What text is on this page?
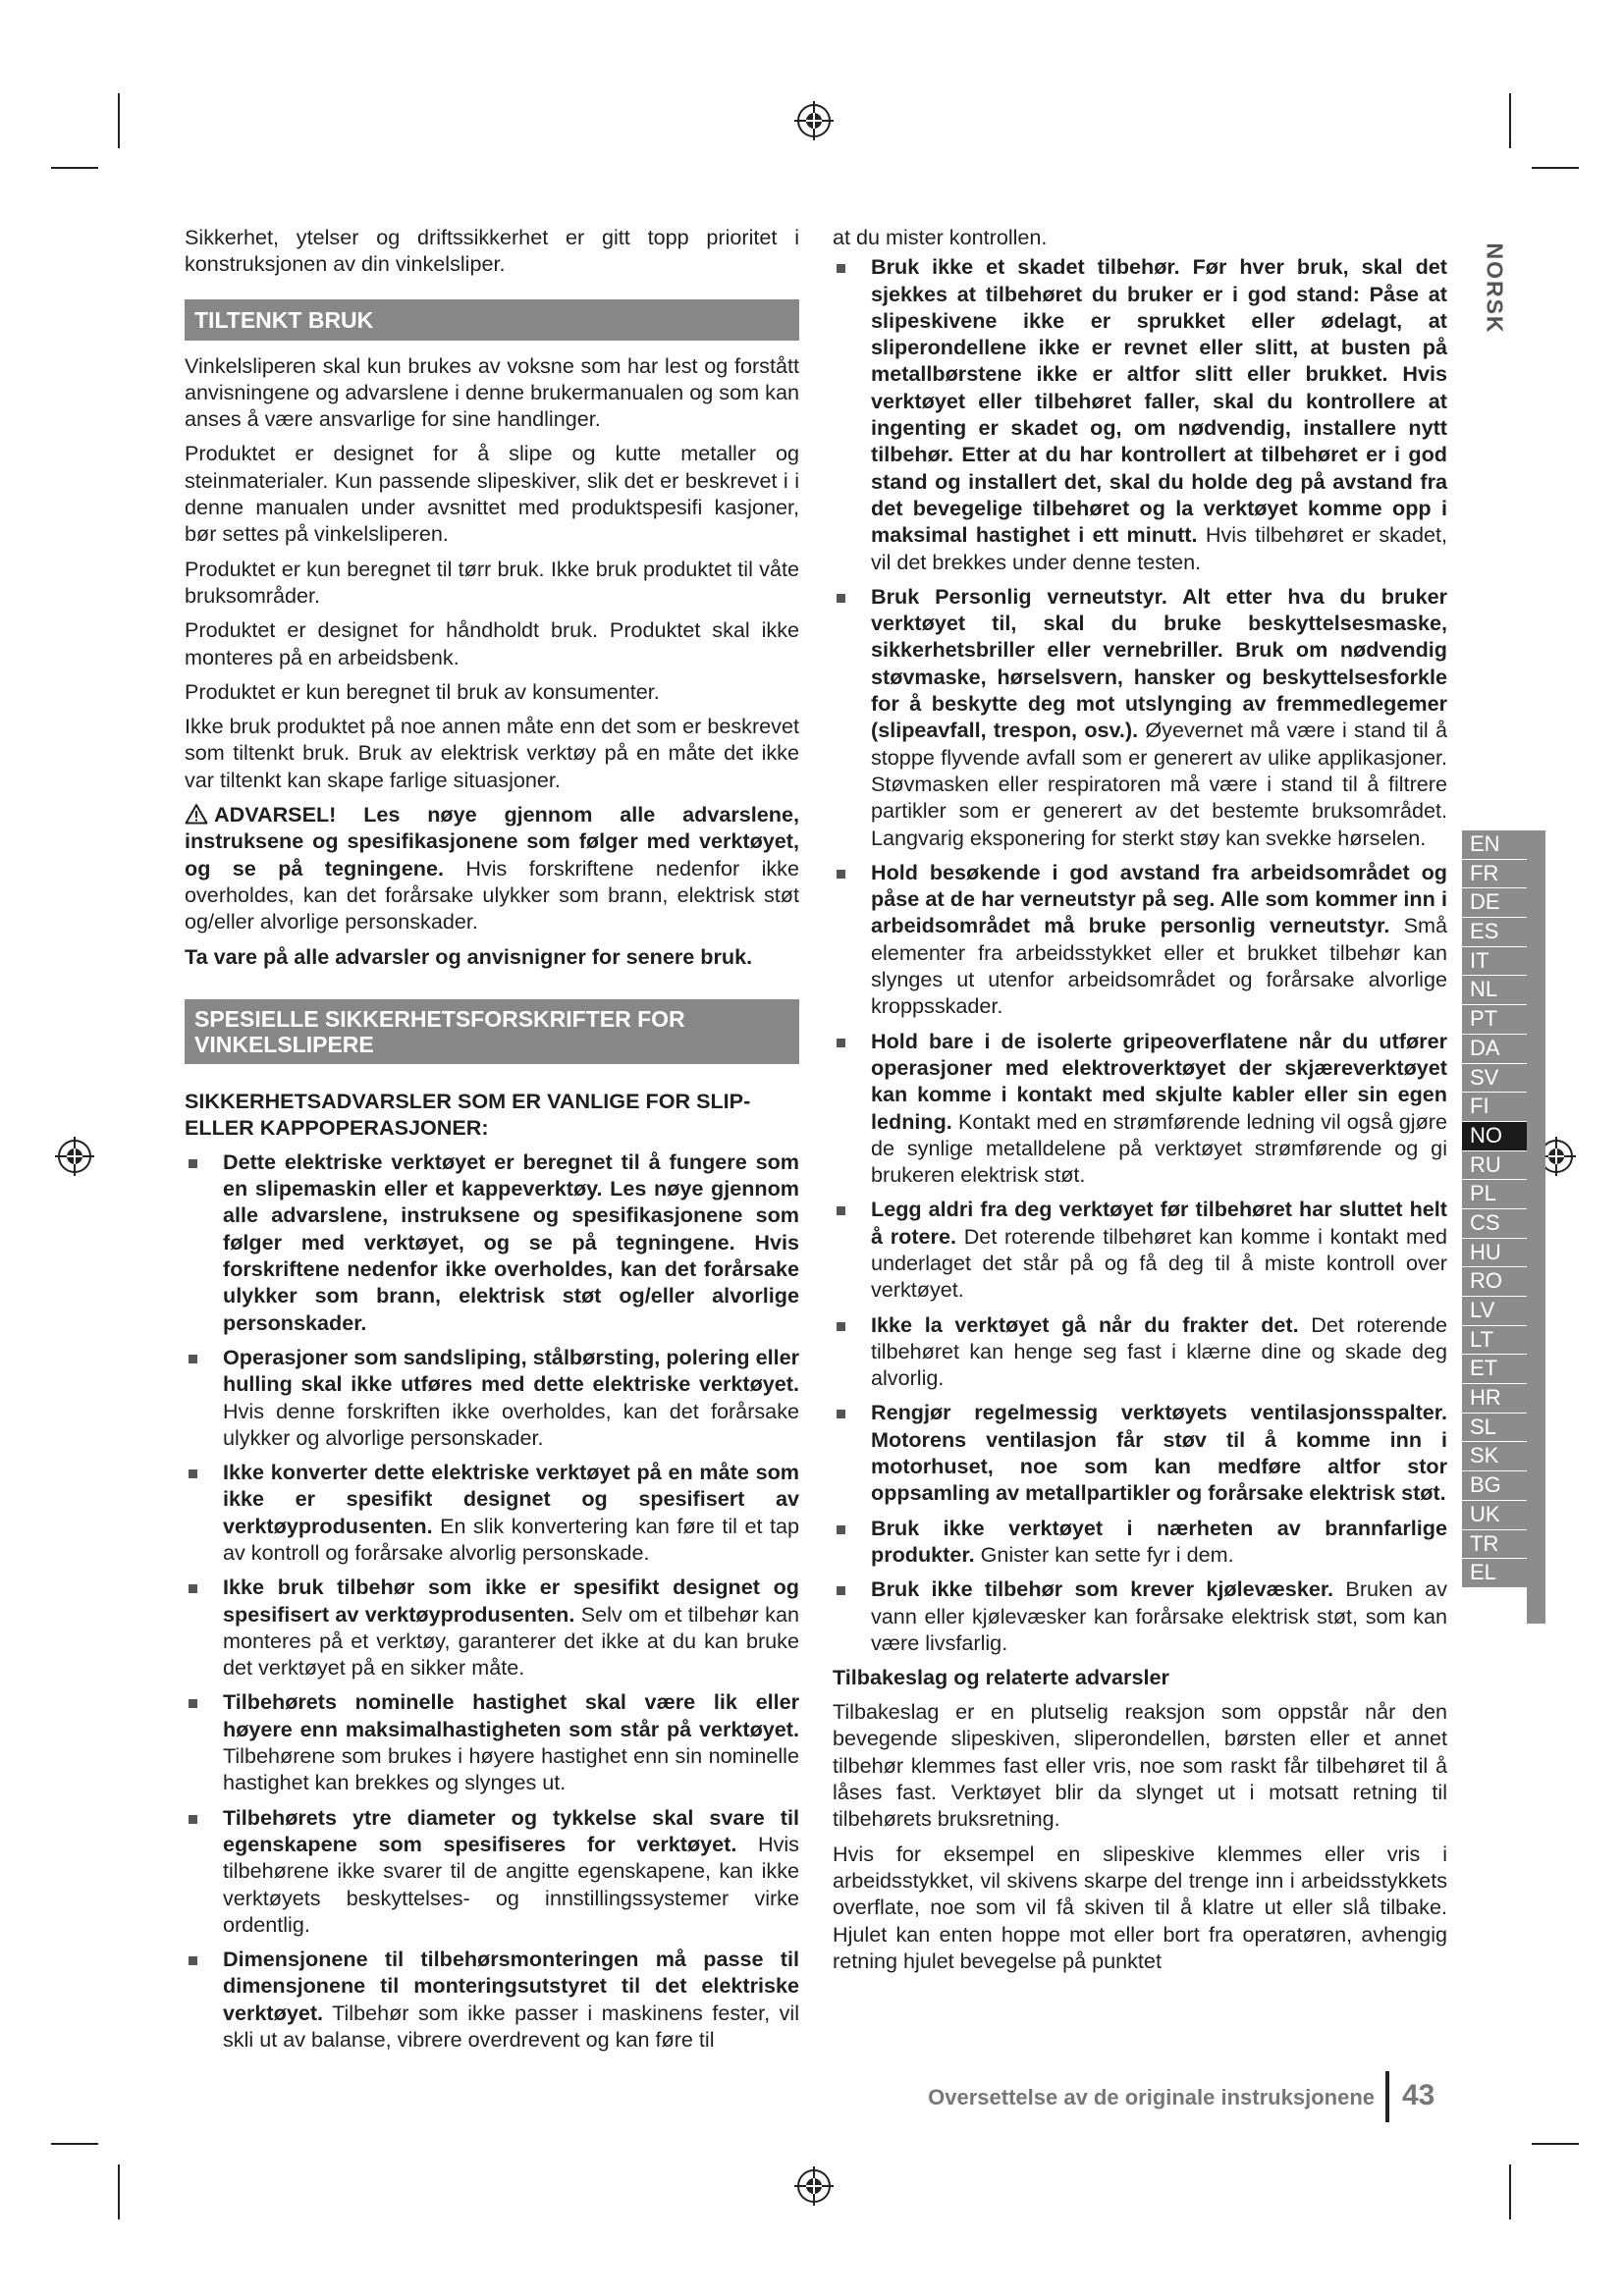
NORSK
EN
FR
DE
ES
IT
NL
PT
DA
SV
FI
NO
RU
PL
CS
HU
RO
LV
LT
ET
HR
SL
SK
BG
UK
TR
EL

Sikkerhet, ytelser og driftssikkerhet er gitt topp prioritet i konstruksjonen av din vinkelsliper.

TILTENKT BRUK

Vinkelsliperen skal kun brukes av voksne som har lest og forstått anvisningene og advarslene i denne brukermanualen og som kan anses å være ansvarlige for sine handlinger.

Produktet er designet for å slipe og kutte metaller og steinmaterialer. Kun passende slipeskiver, slik det er beskrevet i i denne manualen under avsnittet med produktspesifi kasjoner, bør settes på vinkelsliperen.

Produktet er kun beregnet til tørr bruk. Ikke bruk produktet til våte bruksområder.

Produktet er designet for håndholdt bruk. Produktet skal ikke monteres på en arbeidsbenk.

Produktet er kun beregnet til bruk av konsumenter.

Ikke bruk produktet på noe annen måte enn det som er beskrevet som tiltenkt bruk. Bruk av elektrisk verktøy på en måte det ikke var tiltenkt kan skape farlige situasjoner.

ADVARSEL! Les nøye gjennom alle advarslene, instruksene og spesifikasjonene som følger med verktøyet, og se på tegningene. Hvis forskriftene nedenfor ikke overholdes, kan det forårsake ulykker som brann, elektrisk støt og/eller alvorlige personskader.

Ta vare på alle advarsler og anvisnigner for senere bruk.

SPESIELLE SIKKERHETSFORSKRIFTER FOR VINKELSLIPERE
SIKKERHETSADVARSLER SOM ER VANLIGE FOR SLIP- ELLER KAPPOPERASJONER:
Dette elektriske verktøyet er beregnet til å fungere som en slipemaskin eller et kappeverktøy. Les nøye gjennom alle advarslene, instruksene og spesifikasjonene som følger med verktøyet, og se på tegningene. Hvis forskriftene nedenfor ikke overholdes, kan det forårsake ulykker som brann, elektrisk støt og/eller alvorlige personskader.
Operasjoner som sandsliping, stålbørsting, polering eller hulling skal ikke utføres med dette elektriske verktøyet. Hvis denne forskriften ikke overholdes, kan det forårsake ulykker og alvorlige personskader.
Ikke konverter dette elektriske verktøyet på en måte som ikke er spesifikt designet og spesifisert av verktøyprodusenten. En slik konvertering kan føre til et tap av kontroll og forårsake alvorlig personskade.
Ikke bruk tilbehør som ikke er spesifikt designet og spesifisert av verktøyprodusenten. Selv om et tilbehør kan monteres på et verktøy, garanterer det ikke at du kan bruke det verktøyet på en sikker måte.
Tilbehørets nominelle hastighet skal være lik eller høyere enn maksimalhastigheten som står på verktøyet. Tilbehørene som brukes i høyere hastighet enn sin nominelle hastighet kan brekkes og slynges ut.
Tilbehørets ytre diameter og tykkelse skal svare til egenskapene som spesifiseres for verktøyet. Hvis tilbehørene ikke svarer til de angitte egenskapene, kan ikke verktøyets beskyttelses- og innstillingssystemer virke ordentlig.
Dimensjonene til tilbehørsmonteringen må passe til dimensjonene til monteringsutstyret til det elektriske verktøyet. Tilbehør som ikke passer i maskinens fester, vil skli ut av balanse, vibrere overdrevent og kan føre til

at du mister kontrollen.

Bruk ikke et skadet tilbehør. Før hver bruk, skal det sjekkes at tilbehøret du bruker er i god stand: Påse at slipeskivene ikke er sprukket eller ødelagt, at sliperondellene ikke er revnet eller slitt, at busten på metallbørstene ikke er altfor slitt eller brukket. Hvis verktøyet eller tilbehøret faller, skal du kontrollere at ingenting er skadet og, om nødvendig, installere nytt tilbehør. Etter at du har kontrollert at tilbehøret er i god stand og installert det, skal du holde deg på avstand fra det bevegelige tilbehøret og la verktøyet komme opp i maksimal hastighet i ett minutt. Hvis tilbehøret er skadet, vil det brekkes under denne testen.
Bruk Personlig verneutstyr. Alt etter hva du bruker verktøyet til, skal du bruke beskyttelsesmaske, sikkerhetsbriller eller vernebriller. Bruk om nødvendig støvmaske, hørselsvern, hansker og beskyttelsesforkle for å beskytte deg mot utslynging av fremmedlegemer (slipeavfall, trespon, osv.). Øyevernet må være i stand til å stoppe flyvende avfall som er generert av ulike applikasjoner. Støvmasken eller respiratoren må være i stand til å filtrere partikler som er generert av det bestemte bruksområdet. Langvarig eksponering for sterkt støy kan svekke hørselen.
Hold besøkende i god avstand fra arbeidsområdet og påse at de har verneutstyr på seg. Alle som kommer inn i arbeidsområdet må bruke personlig verneutstyr. Små elementer fra arbeidsstykket eller et brukket tilbehør kan slynges ut utenfor arbeidsområdet og forårsake alvorlige kroppsskader.
Hold bare i de isolerte gripeoverflatene når du utfører operasjoner med elektroverktøyet der skjæreverktøyet kan komme i kontakt med skjulte kabler eller sin egen ledning. Kontakt med en strømførende ledning vil også gjøre de synlige metalldelene på verktøyet strømførende og gi brukeren elektrisk støt.
Legg aldri fra deg verktøyet før tilbehøret har sluttet helt å rotere. Det roterende tilbehøret kan komme i kontakt med underlaget det står på og få deg til å miste kontroll over verktøyet.
Ikke la verktøyet gå når du frakter det. Det roterende tilbehøret kan henge seg fast i klærne dine og skade deg alvorlig.
Rengjør regelmessig verktøyets ventilasjonsspalter. Motorens ventilasjon får støv til å komme inn i motorhuset, noe som kan medføre altfor stor oppsamling av metallpartikler og forårsake elektrisk støt.
Bruk ikke verktøyet i nærheten av brannfarlige produkter. Gnister kan sette fyr i dem.
Bruk ikke tilbehør som krever kjølevæsker. Bruken av vann eller kjølevæsker kan forårsake elektrisk støt, som kan være livsfarlig.
Tilbakeslag og relaterte advarsler

Tilbakeslag er en plutselig reaksjon som oppstår når den bevegende slipeskiven, sliperondellen, børsten eller et annet tilbehør klemmes fast eller vris, noe som raskt får tilbehøret til å låses fast. Verktøyet blir da slynget ut i motsatt retning til tilbehørets bruksretning.

Hvis for eksempel en slipeskive klemmes eller vris i arbeidsstykket, vil skivens skarpe del trenge inn i arbeidsstykkets overflate, noe som vil få skiven til å klatre ut eller slå tilbake. Hjulet kan enten hoppe mot eller bort fra operatøren, avhengig retning hjulet bevegelse på punktet

Oversettelse av de originale instruksjonene 43
